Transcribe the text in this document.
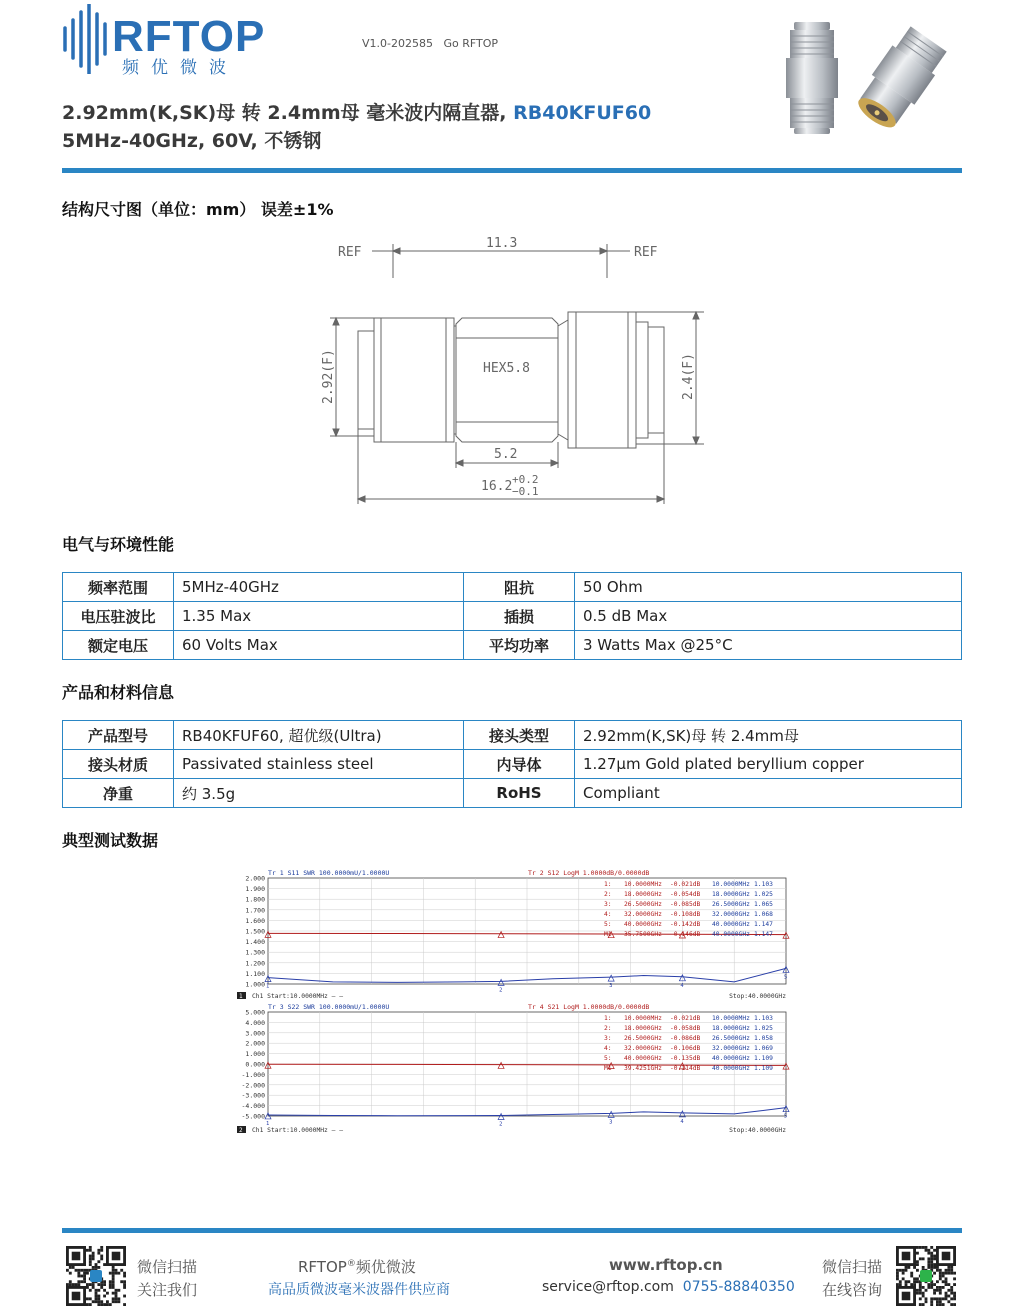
RFTOP
频优微波
V1.0-202585 Go RFTOP
2.92mm(K,SK)母 转 2.4mm母 毫米波内隔直器, RB40KFUF60
5MHz-40GHz, 60V, 不锈钢
结构尺寸图（单位：mm） 误差±1%
REF	REF
11.3
HEX5.8
2.92(F)	2.4(F)
5.2
16.2 +0.2
−0.1
电气与环境性能
频率范围	5MHz-40GHz	阻抗	50 Ohm
电压驻波比	1.35 Max	插损	0.5 dB Max
额定电压	60 Volts Max	平均功率	3 Watts Max @25°C
产品和材料信息
产品型号	RB40KFUF60, 超优级(Ultra)	接头类型	2.92mm(K,SK)母 转 2.4mm母
接头材质	Passivated stainless steel	内导体	1.27μm Gold plated beryllium copper
净重	约 3.5g	RoHS	Compliant
典型测试数据
Tr 1 S11 SWR 100.0000mU/1.0000U	Tr 2 S12 LogM 1.0000dB/0.0000dB
2.000
1.900
1.800
1.700
1.600
1.500
1.400
1.300
1.200
1.100
1.000 1
2
3	4
5
1: 10.0000MHz -0.021dB
2: 18.0000GHz -0.054dB
3: 26.5000GHz -0.085dB
4: 32.0000GHz -0.108dB
5: 40.0000GHz -0.142dB
M1 35.7500GHz -0.146dB
10.0000MHz 1.103
18.0000GHz 1.025
26.5000GHz 1.065
32.0000GHz 1.068
40.0000GHz 1.147
40.0000GHz 1.147
1 Ch1 Start:10.0000MHz — —	Stop:40.0000GHz
Tr 3 S22 SWR 100.0000mU/1.0000U	Tr 4 S21 LogM 1.0000dB/0.0000dB
5.000
4.000
3.000
2.000
1.000
0.000
-1.000
-2.000
-3.000
-4.000
-5.000
1	2	3	4
5
1: 10.0000MHz -0.021dB
2: 18.0000GHz -0.058dB
3: 26.5000GHz -0.086dB
4: 32.0000GHz -0.106dB
5: 40.0000GHz -0.135dB
M1 39.4251GHz -0.114dB
10.0000MHz 1.103
18.0000GHz 1.025
26.5000GHz 1.058
32.0000GHz 1.069
40.0000GHz 1.109
40.0000GHz 1.109
2 Ch1 Start:10.0000MHz — —	Stop:40.0000GHz
微信扫描
关注我们
RFTOP®频优微波
高品质微波毫米波器件供应商
www.rftop.cn
service@rftop.com 0755-88840350
微信扫描
在线咨询
